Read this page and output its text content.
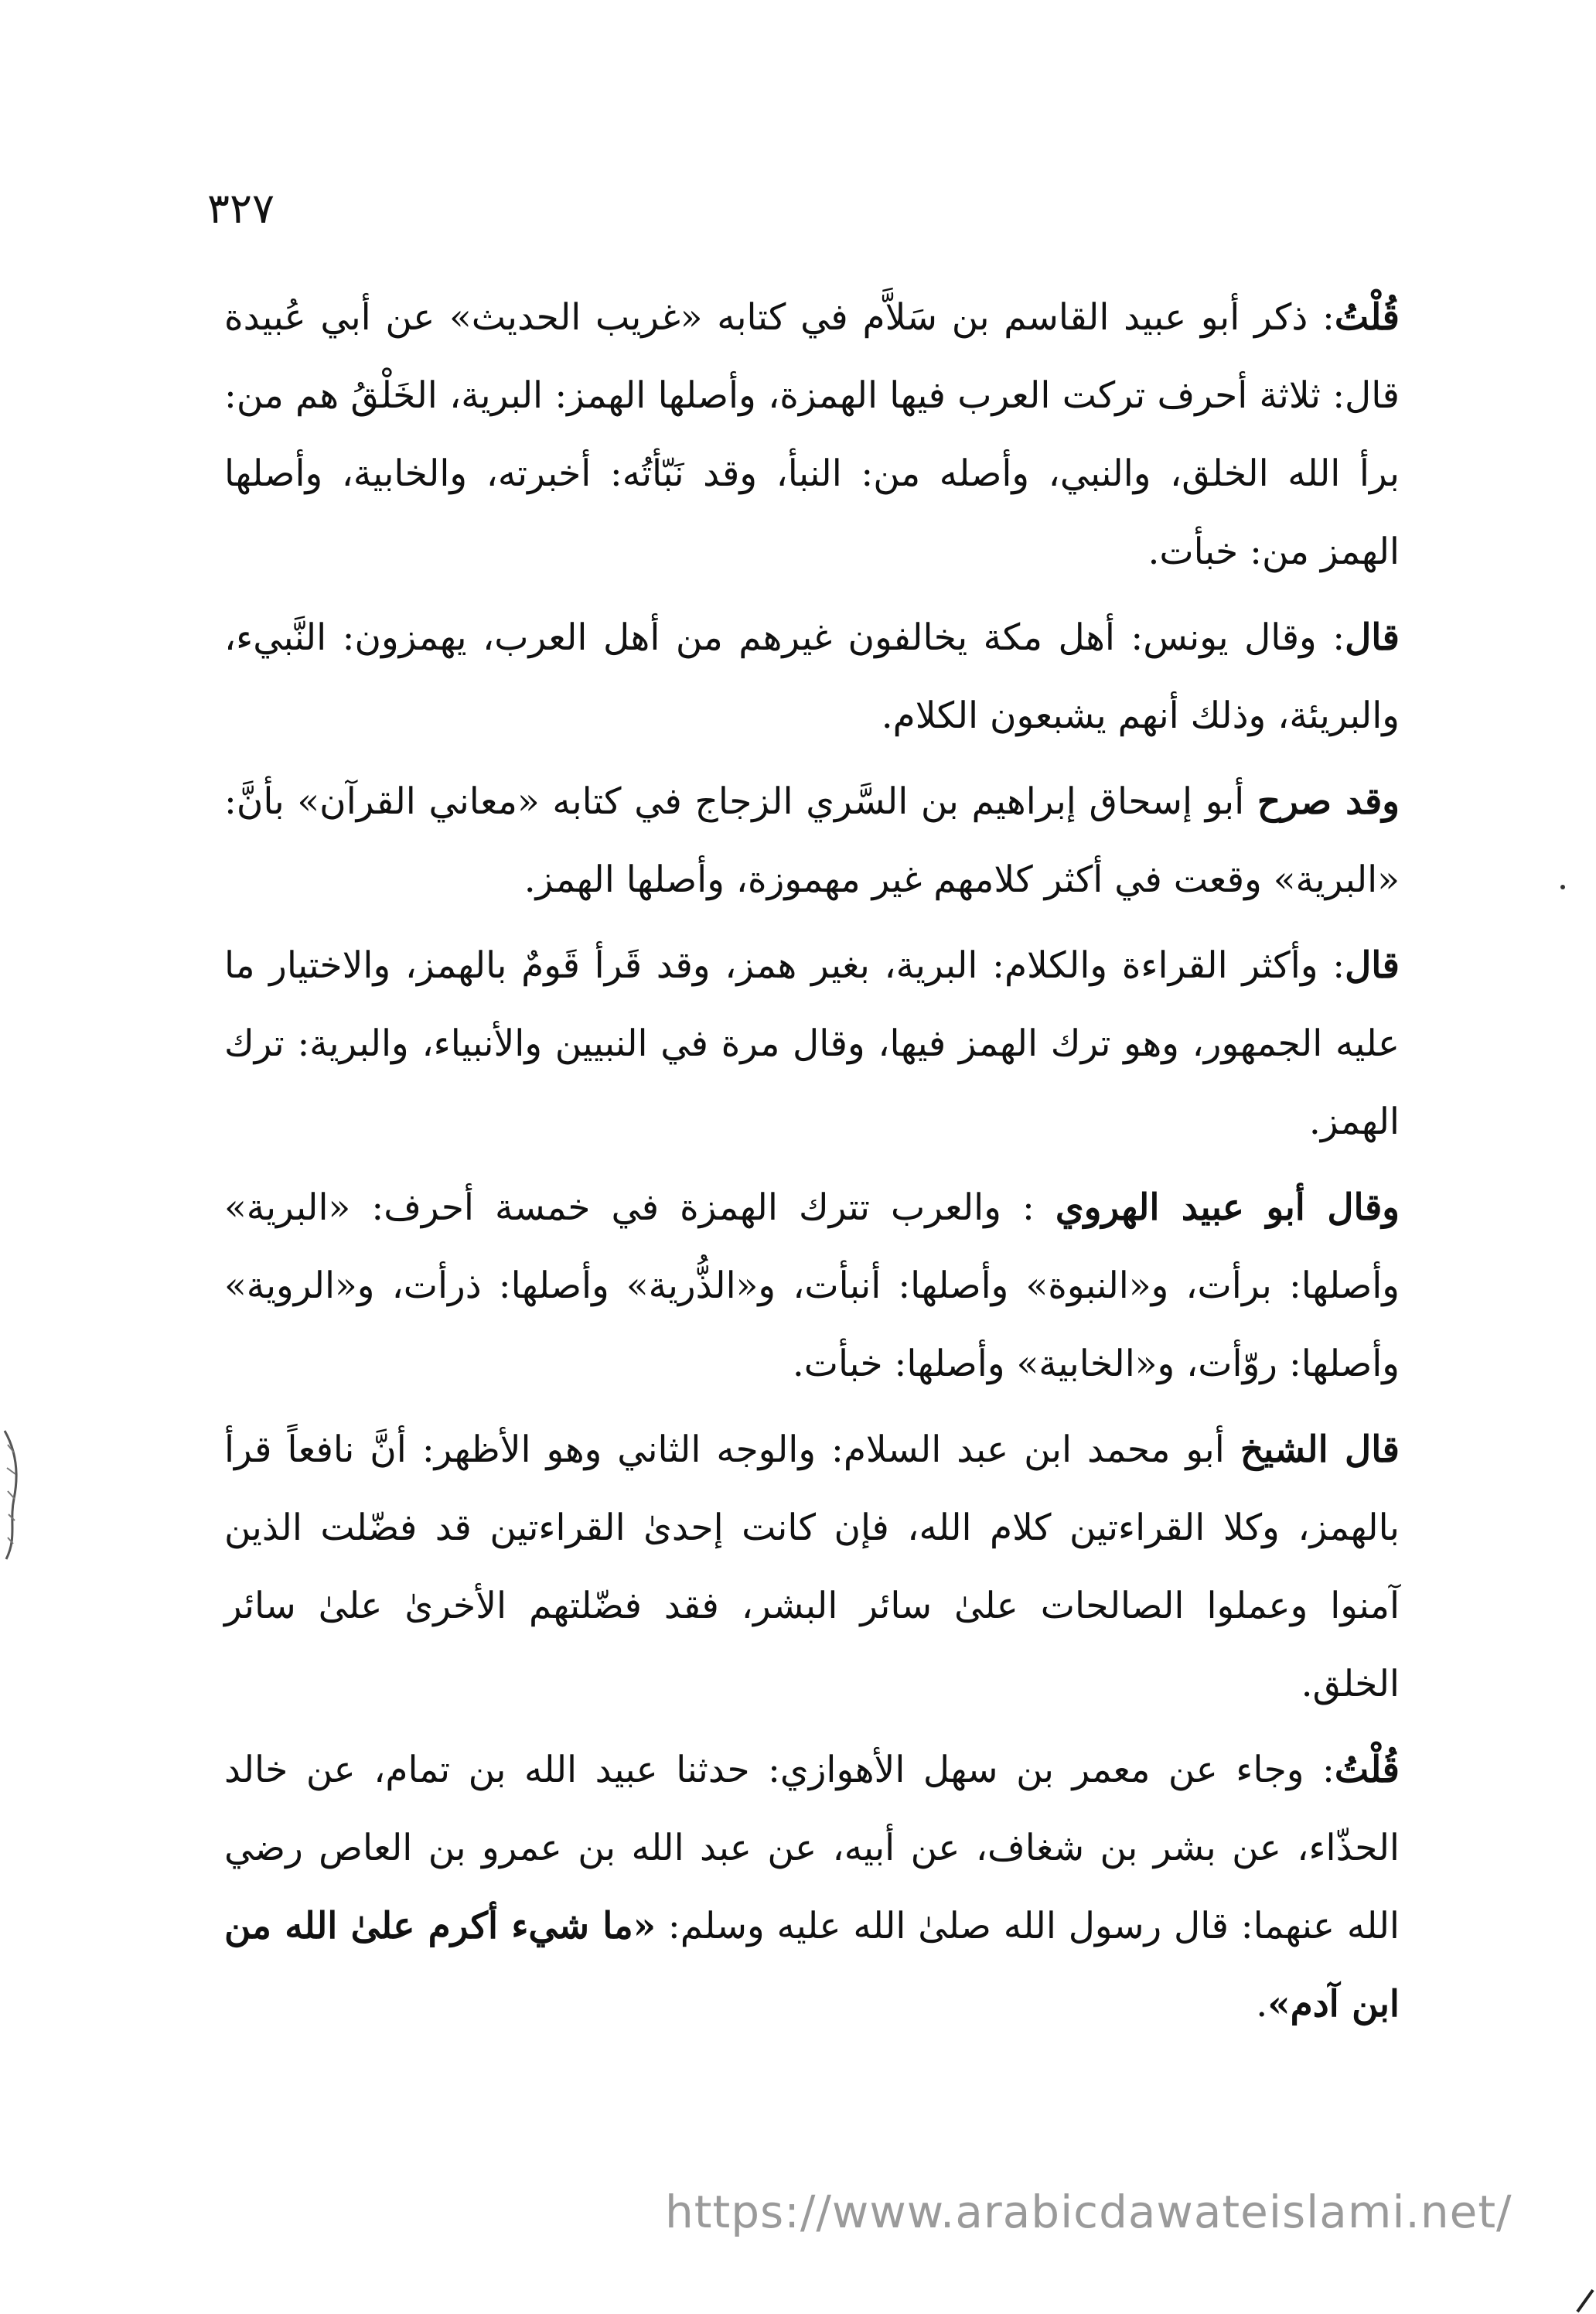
٣٢٧

قُلْتُ: ذكر أبو عبيد القاسم بن سَلاَّم في كتابه «غريب الحديث» عن أبي عُبيدة قال: ثلاثة أحرف تركت العرب فيها الهمزة، وأصلها الهمز: البرية، الخَلْقُ هم من: برأ الله الخلق، والنبي، وأصله من: النبأ، وقد نَبّأتُه: أخبرته، والخابية، وأصلها الهمز من: خبأت.

قال: وقال يونس: أهل مكة يخالفون غيرهم من أهل العرب، يهمزون: النَّبيء، والبريئة، وذلك أنهم يشبعون الكلام.

وقد صرح أبو إسحاق إبراهيم بن السَّري الزجاج في كتابه «معاني القرآن» بأنَّ: «البرية» وقعت في أكثر كلامهم غير مهموزة، وأصلها الهمز.

قال: وأكثر القراءة والكلام: البرية، بغير همز، وقد قَرأ قَومٌ بالهمز، والاختيار ما عليه الجمهور، وهو ترك الهمز فيها، وقال مرة في النبيين والأنبياء، والبرية: ترك الهمز.

وقال أبو عبيد الهروي : والعرب تترك الهمزة في خمسة أحرف: «البرية» وأصلها: برأت، و«النبوة» وأصلها: أنبأت، و«الذُّرية» وأصلها: ذرأت، و«الروية» وأصلها: روّأت، و«الخابية» وأصلها: خبأت.

قال الشيخ أبو محمد ابن عبد السلام: والوجه الثاني وهو الأظهر: أنَّ نافعاً قرأ بالهمز، وكلا القراءتين كلام الله، فإن كانت إحدىٰ القراءتين قد فضّلت الذين آمنوا وعملوا الصالحات علىٰ سائر البشر، فقد فضّلتهم الأخرىٰ علىٰ سائر الخلق.

قُلْتُ: وجاء عن معمر بن سهل الأهوازي: حدثنا عبيد الله بن تمام، عن خالد الحذّاء، عن بشر بن شغاف، عن أبيه، عن عبد الله بن عمرو بن العاص رضي الله عنهما: قال رسول الله صلىٰ الله عليه وسلم: «ما شيء أكرم علىٰ الله من ابن آدم».

https://www.arabicdawateislami.net/
